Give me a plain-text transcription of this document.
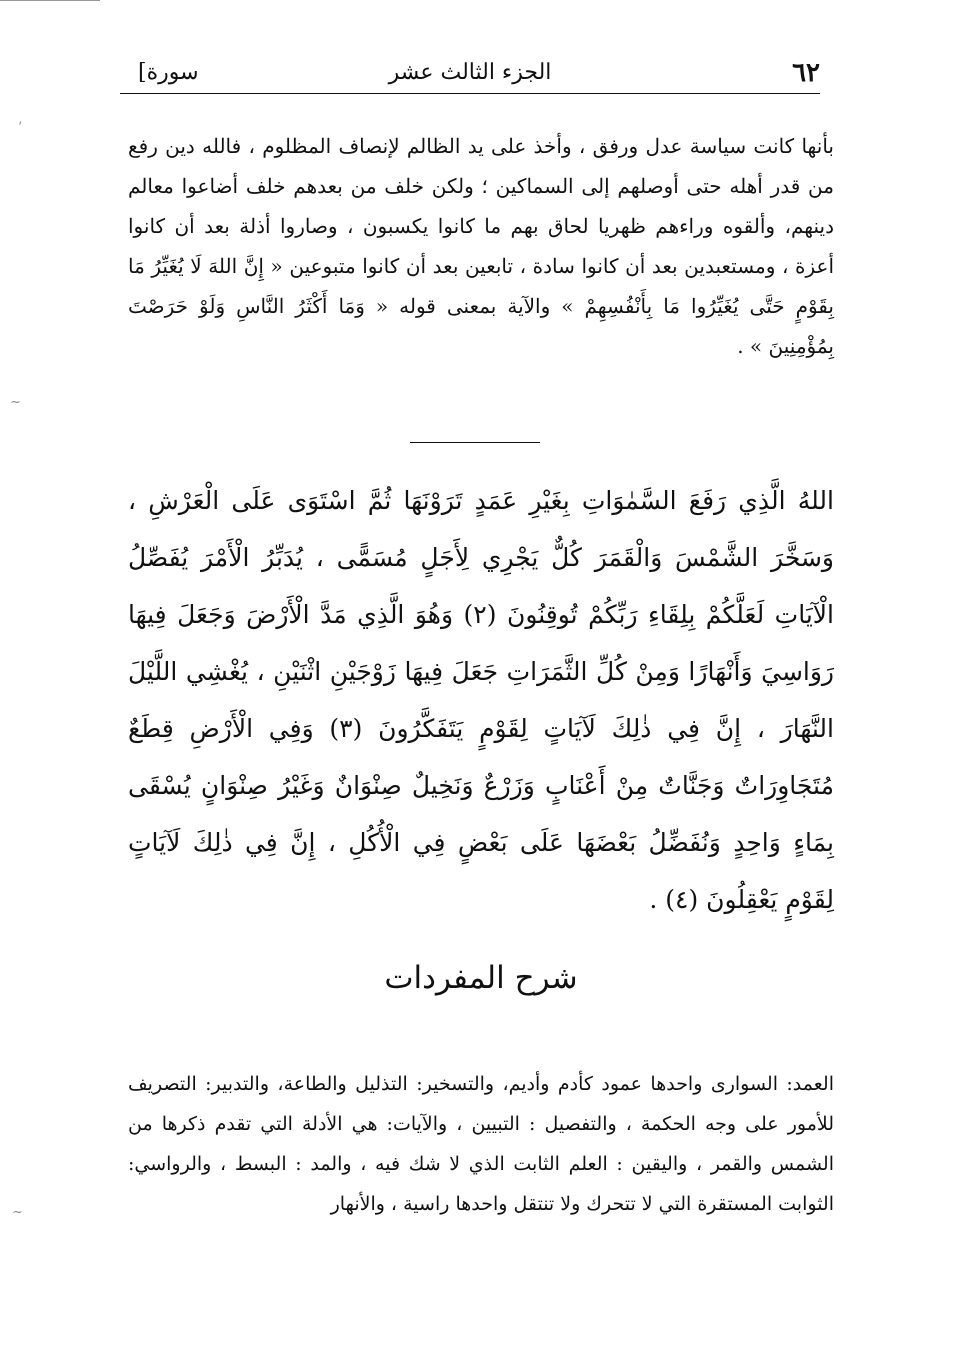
٦٢
الجزء الثالث عشر
[سورة
بأنها كانت سياسة عدل ورفق ، وأخذ على يد الظالم لإنصاف المظلوم ، فالله دين رفع من قدر أهله حتى أوصلهم إلى السماكين ؛ ولكن خلف من بعدهم خلف أضاعوا معالم دينهم، وألقوه وراءهم ظهريا لحاق بهم ما كانوا يكسبون ، وصاروا أذلة بعد أن كانوا أعزة ، ومستعبدين بعد أن كانوا سادة ، تابعين بعد أن كانوا متبوعين « إِنَّ اللهَ لَا يُغَيِّرُ مَا بِقَوْمٍ حَتَّى يُغَيِّرُوا مَا بِأَنْفُسِهِمْ » والآية بمعنى قوله « وَمَا أَكْثَرُ النَّاسِ وَلَوْ حَرَصْتَ بِمُؤْمِنِينَ » .
اللهُ الَّذِي رَفَعَ السَّمٰوَاتِ بِغَيْرِ عَمَدٍ تَرَوْنَهَا ثُمَّ اسْتَوَى عَلَى الْعَرْشِ ، وَسَخَّرَ الشَّمْسَ وَالْقَمَرَ كُلٌّ يَجْرِي لِأَجَلٍ مُسَمًّى ، يُدَبِّرُ الْأَمْرَ يُفَصِّلُ الْآيَاتِ لَعَلَّكُمْ بِلِقَاءِ رَبِّكُمْ تُوقِنُونَ (٢) وَهُوَ الَّذِي مَدَّ الْأَرْضَ وَجَعَلَ فِيهَا رَوَاسِيَ وَأَنْهَارًا وَمِنْ كُلِّ الثَّمَرَاتِ جَعَلَ فِيهَا زَوْجَيْنِ اثْنَيْنِ ، يُغْشِي اللَّيْلَ النَّهَارَ ، إِنَّ فِي ذٰلِكَ لَآيَاتٍ لِقَوْمٍ يَتَفَكَّرُونَ (٣) وَفِي الْأَرْضِ قِطَعٌ مُتَجَاوِرَاتٌ وَجَنَّاتٌ مِنْ أَعْنَابٍ وَزَرْعٌ وَنَخِيلٌ صِنْوَانٌ وَغَيْرُ صِنْوَانٍ يُسْقَى بِمَاءٍ وَاحِدٍ وَنُفَضِّلُ بَعْضَهَا عَلَى بَعْضٍ فِي الْأُكُلِ ، إِنَّ فِي ذٰلِكَ لَآيَاتٍ لِقَوْمٍ يَعْقِلُونَ (٤) .
شرح المفردات
العمد: السوارى واحدها عمود كأدم وأديم، والتسخير: التذليل والطاعة، والتدبير: التصريف للأمور على وجه الحكمة ، والتفصيل : التبيين ، والآيات: هي الأدلة التي تقدم ذكرها من الشمس والقمر ، واليقين : العلم الثابت الذي لا شك فيه ، والمد : البسط ، والرواسي: الثوابت المستقرة التي لا تتحرك ولا تنتقل واحدها راسية ، والأنهار
‘
~
~
